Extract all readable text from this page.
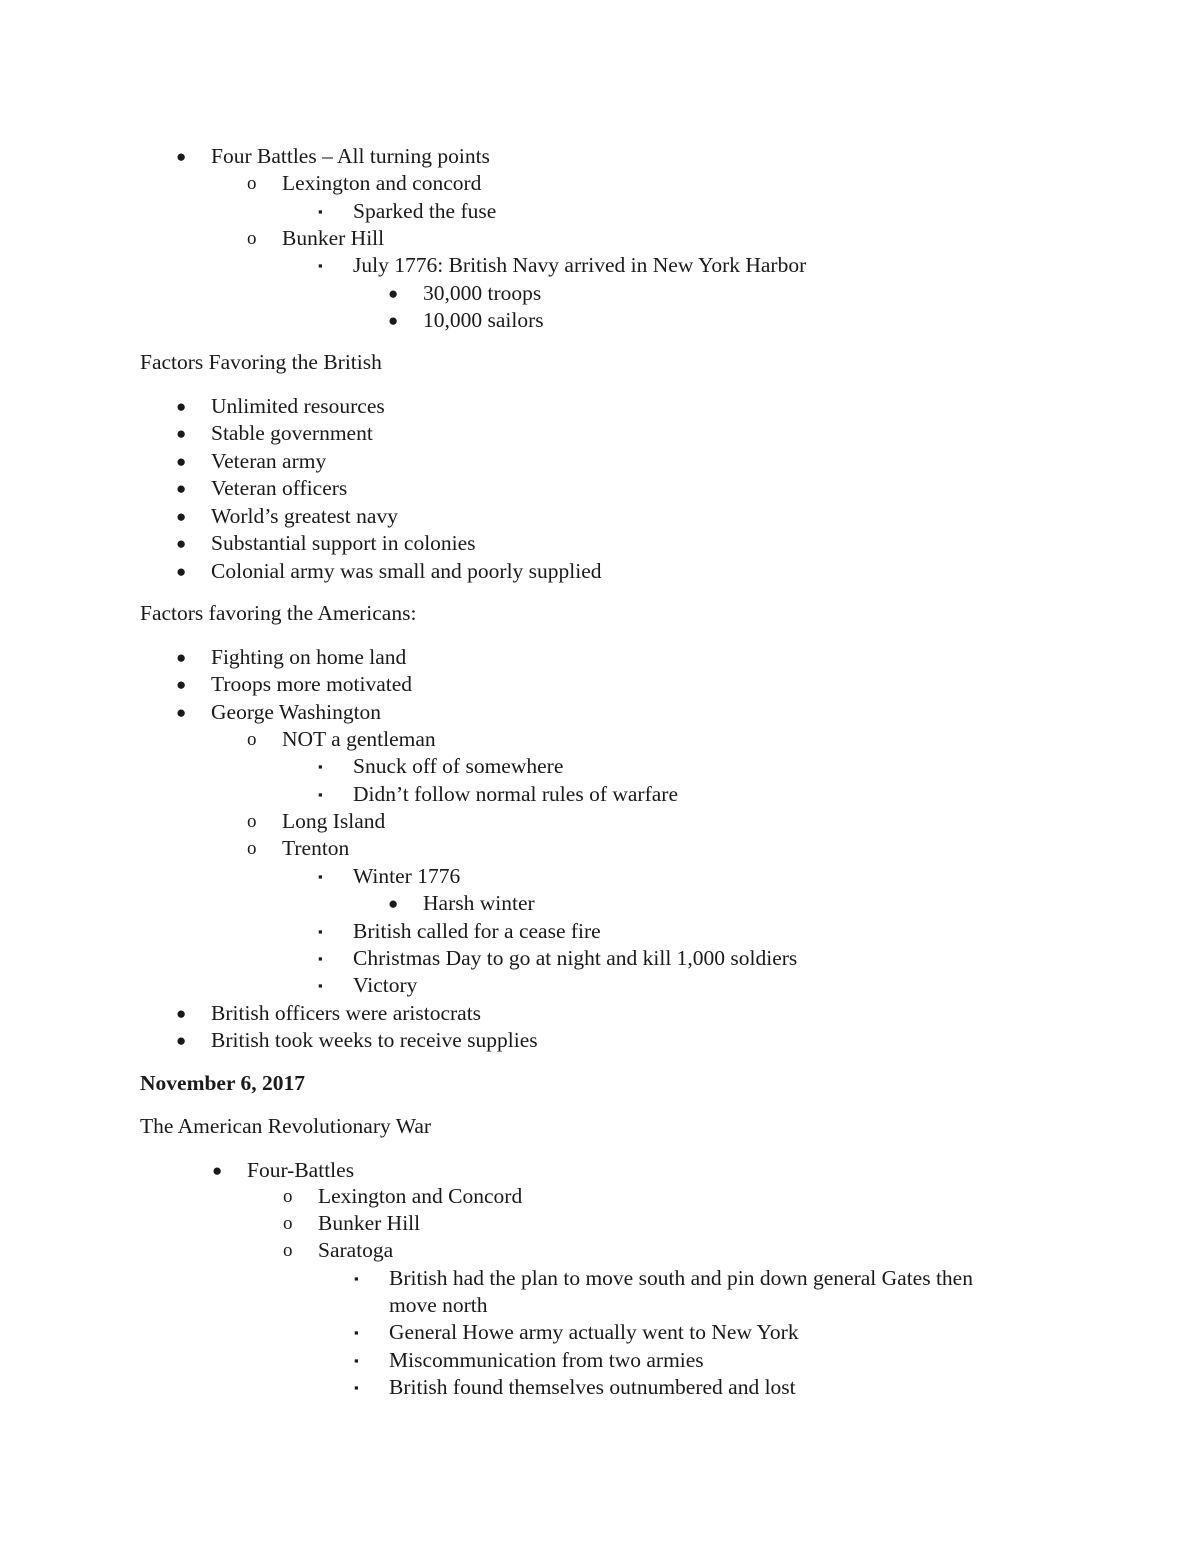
● Four Battles – All turning points
o Lexington and concord
▪ Sparked the fuse
o Bunker Hill
▪ July 1776: British Navy arrived in New York Harbor
● 30,000 troops
● 10,000 sailors
Factors Favoring the British
● Unlimited resources
● Stable government
● Veteran army
● Veteran officers
● World’s greatest navy
● Substantial support in colonies
● Colonial army was small and poorly supplied
Factors favoring the Americans:
● Fighting on home land
● Troops more motivated
● George Washington
o NOT a gentleman
▪ Snuck off of somewhere
▪ Didn’t follow normal rules of warfare
o Long Island
o Trenton
▪ Winter 1776
● Harsh winter
▪ British called for a cease fire
▪ Christmas Day to go at night and kill 1,000 soldiers
▪ Victory
● British officers were aristocrats
● British took weeks to receive supplies
November 6, 2017
The American Revolutionary War
● Four-Battles
o Lexington and Concord
o Bunker Hill
o Saratoga
▪ British had the plan to move south and pin down general Gates then
move north
▪ General Howe army actually went to New York
▪ Miscommunication from two armies
▪ British found themselves outnumbered and lost
